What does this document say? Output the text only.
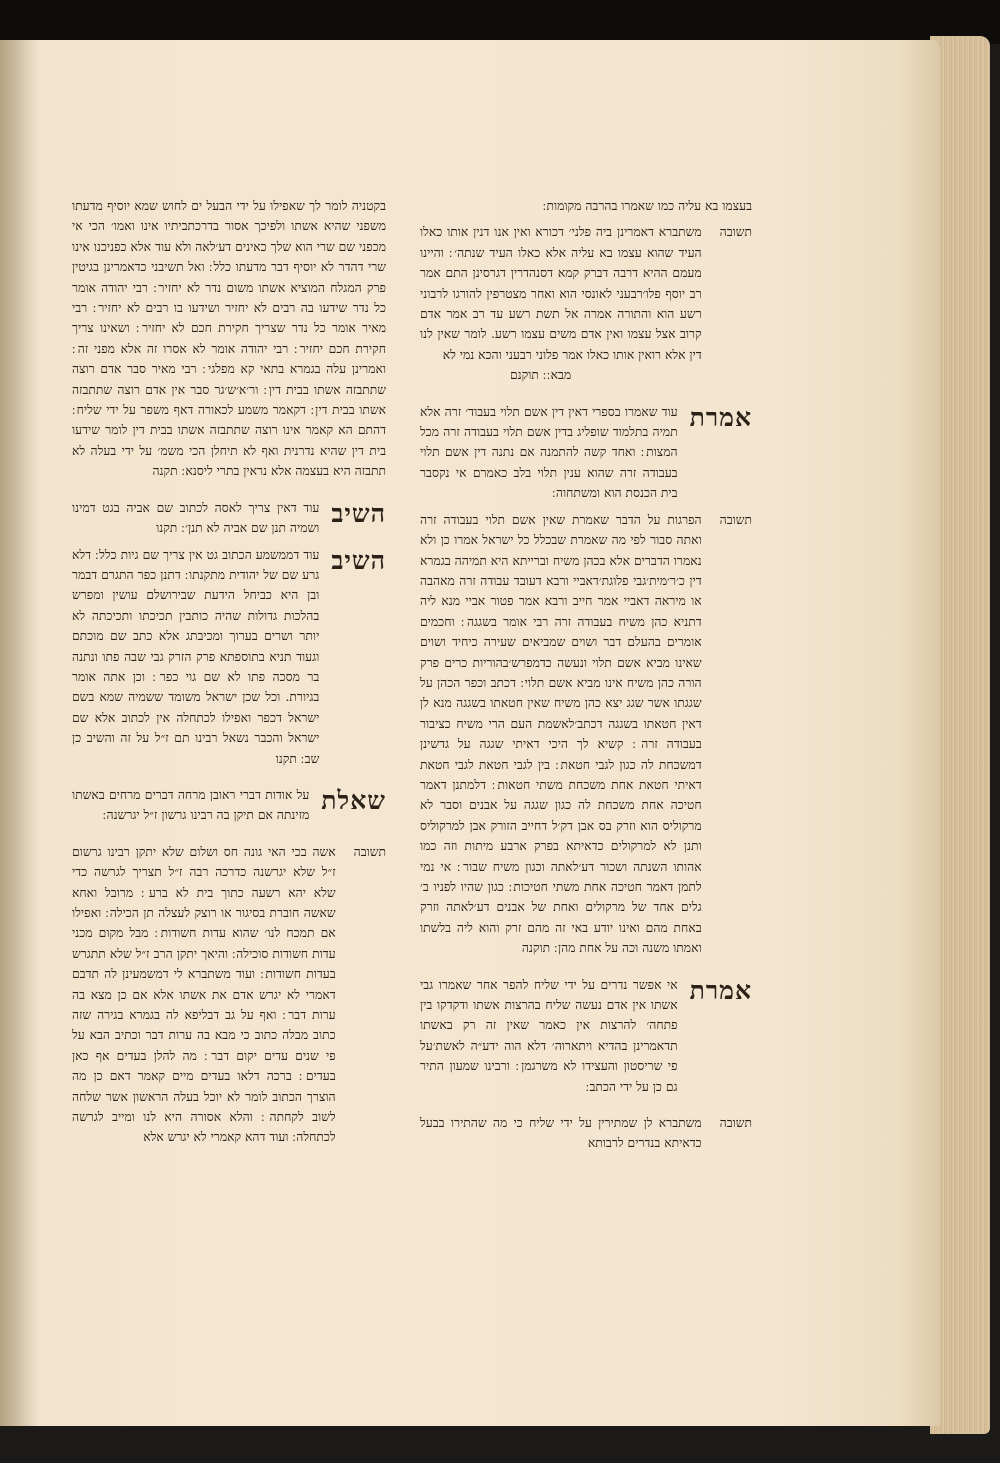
בעצמו בא עליה כמו שאמרו בהרבה מקומות ׃

תשובה

משתברא דאמרינן ביה פלני׳ דכורא ואין אנו דנין אותו כאלו העיד שהוא עצמו בא עליה אלא כאלו העיד שנתה׳ ׃ והיינו מעמם ההיא דרבה דברק קמא דסנהדרין דגרסינן התם אמר רב יוסף פלו׳רבעני לאונסי הוא ואחר מצטרפין להורגו לרבוני רשע הוא והתורה אמרה אל תשת רשע עד רב אמר אדם קרוב אצל עצמו ואין אדם משים עצמו רשע. לומר שאין לנו דין אלא רואין אותו כאלו אמר פלוני רבעני והכא נמי לא

מבא ׃ ׃ תוקנם
אמרת

עוד שאמרו בספרי דאין דין אשם תלוי בעבוד׳ זרה אלא תמיה בתלמוד שופליג בדין אשם תלוי בעבודה זרה מכל המצות ׃ ואחד קשה להתמנה אם נתנה דין אשם תלוי בעבודה זרה שהוא ענין תלוי בלב כאמרם אי נקסבר בית הכנסת הוא ומשתחוה ׃

תשובה

הפרגות על הדבר שאמרת שאין אשם תלוי בעבודה זרה ואתה סבור לפי מה שאמרת שבכלל כל ישראל אמרו כן ולא נאמרו הדברים אלא בכהן משיח וברייתא היא תמיהה בגמרא דין כ׳ר׳מית׳גבי פלוגת׳דאביי ורבא דעובד עבודה זרה מאהבה או מיראה דאביי אמר חייב ורבא אמר פטור אביי מנא ליה דתניא כהן משיח בעבודה זרה רבי אומר בשגגה ׃ וחכמים אומרים בהעלם דבר ושוים שמביאים שעירה כיחיד ושוים שאינו מביא אשם תלוי ונעשה כדמפרש׳בהוריות כרים פרק הורה כהן משיח אינו מביא אשם תלוי ׃ דכתב וכפר הכהן על שגגתו אשר שגג יצא כהן משיח שאין חטאתו בשגגה מנא לן דאין חטאתו בשגגה דכתב׳לאשמת העם הרי משיח כציבור בעבודה זרה ׃ קשיא לך היכי דאיתי שגגה על גדשינן דמשכחת לה כגון לגבי חטאת ׃ בין לגבי חטאת לגבי חטאת דאיתי חטאת אחת משכחת משתי חטאות ׃ דלמתנן דאמר חטיכה אחת משכחת לה כגון שגגה על אבנים וסבר לא מרקוליס הוא וזרק בס אבן דק׳ל דחייב הזורק אבן למרקוליס ותנן לא למרקולים כדאיתא בפרק ארבע מיתות וזה כמו אהותו השנתה ושכור דע׳לאתה וכגון משיח שבור ׃ אי נמי לתמן דאמר חטיכה אחת משתי חטיכות ׃ כגון שהיו לפניו ב׳ גלים אחד של מרקולים ואחת של אבנים דע׳לאתה וזרק באחת מהם ואינו יודע באי זה מהם זרק והוא ליה בלשתו ואמתו משנה וכה על אחת מהן ׃ תוקנה

אמרת

אי אפשר נדרים על ידי שליח להפר אחר שאמרו גבי אשתו אין אדם נעשה שליח בהרצות אשתו ודקדקו בין פתחה׳ להרצות אין כאמר שאין זה רק באשתו תדאמרינן בהדיא ויתארוה׳ דלא הוה ידע״ה לאשת׳על פי שריסטון והעצידו לא משרגמן ׃ ורבינו שמעון התיר גם כן על ידי הכתב ׃

תשובה

משתברא לן שמתירין על ידי שליח כי מה שהתירו בבעל כדאיתא בנדרים לרבותא

בקטניה לומר לך שאפילו על ידי הבעל ים לחוש שמא יוסיף מדעתו משפני שהיא אשתו ולפיכך אסור בדרכתביתיו אינו ואמו׳ הכי אי מכפני שם שרי הוא שלך כאינים דע׳לאה ולא עוד אלא כפניכנו אינו שרי דהדר לא יוסיף דבר מדעתו כלל ׃ ואל תשיבני כדאמרינן בגיטין פרק המגלח המוציא אשתו משום נדר לא יחזיר ׃ רבי יהודה אומר כל נדר שידעו בה רבים לא יחזיר ושידעו בו רבים לא יחזיר ׃ רבי מאיר אומר כל נדר שצריך חקירת חכם לא יחזיר ׃ ושאינו צריך חקירת חכם יחזיר ׃ רבי יהודה אומר לא אסרו זה אלא מפני זה ׃ ואמרינן עלה בגמרא בתאי קא מפלגי ׃ רבי מאיר סבר אדם רוצה שתתבזה אשתו בבית דין ׃ ור׳א׳ש׳גר סבר אין אדם רוצה שתתבזה אשתו בבית דין ׃ דקאמר משמע לכאורה דאף משפר על ידי שליח ׃ דהתם הא קאמר אינו רוצה שתתבזה אשתו בבית דין לומר שידעו בית דין שהיא נדרנית ואף לא תיחלן הכי משמ׳ על ידי בעלה לא תתבזה היא בעצמה אלא נראין בתרי ליסנא ׃ תקנה

השיב

עוד דאין צריך לאסה לכתוב שם אביה בגט דמינו ושמיה תנן שם אביה לא תנן׳ ׃ תקנו

השיב

עוד דממשמע הכתוב גט אין צריך שם גיות כלל ׃ דלא גרע שם של יהודית מתקנתו ׃ דתנן כפר התגרם דבמר ובן היא כביחל הידעת שבירושלם עושין ומפרש בהלכות גדולות שהיה כותבין תכיכתו ותכיכתה לא יותר ושרים בערוך ומכיבתג אלא כתב שם מוכתם וגעוד תניא בתוספתא פרק הזרק גבי שבה פתו ונתנה בר מסכה פתו לא שם גוי כפר ׃ וכן אתה אומר בגיורת. וכל שכן ישראל משומד ששמיה שמא בשם ישראל דכפר ואפילו לכתחלה אין לכתוב אלא שם ישראל והכבר נשאל רבינו תם ז״ל על זה והשיב כן שב ׃ תקנו

שאלת

על אודות דברי ראובן מרחה דברים מרחים באשתו מזינתה אם תיקן בה רבינו גרשון ז״ל יגרשנה ׃

תשובה

אשה בכי האי גונה חס ושלום שלא יתקן רבינו גרשום ז״ל שלא יגרשנה כדרכה רבה ז״ל תצריך לגרשה כדי שלא יהא רשעה כתוך בית לא ברע ׃ מרובל ואחא שאשה חוברת בסיגור או רוצק לעצלה תן הכילה ׃ ואפילו אם תמכח לנו׳ שהוא עדות חשודות ׃ מבל מקום מכני עדות חשודות סוכילה ׃ והיאך יתקן הרב ז״ל שלא תתגרש בעדות חשודות ׃ ועוד משתברא לי דמשמעינן לה תדבם דאמרי לא יגרש אדם את אשתו אלא אם כן מצא בה ערות דבר ׃ ואף על גב דבליפא לה בגמרא בגירה שזה כתוב מבלה כתוב כי מבא בה ערות דבר וכתיב הבא על פי שנים עדים יקום דבר ׃ מה להלן בעדים אף כאן בעדים ׃ ברכה דלאו בעדים מיים קאמר דאם כן מה הוצרך הכתוב לומר לא יוכל בעלה הראשון אשר שלחה לשוב לקחתה ׃ והלא אסורה היא לנו ומייב לגרשה לכתחלה ׃ ועוד דהא קאמרי לא יגרש אלא
